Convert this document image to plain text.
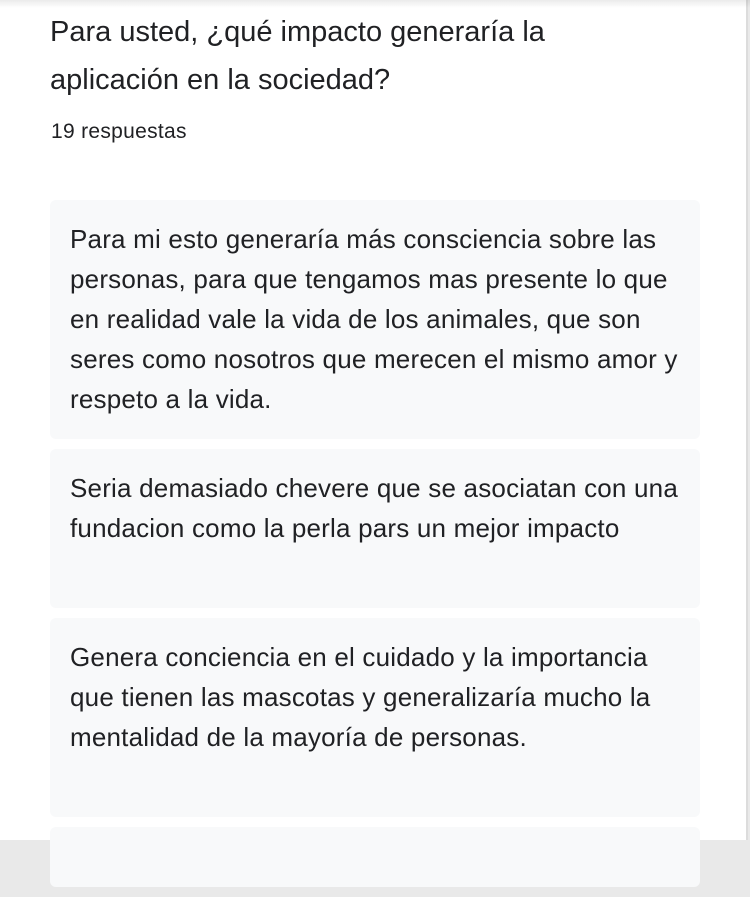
Para usted, ¿qué impacto generaría la
aplicación en la sociedad?
19 respuestas
Para mi esto generaría más consciencia sobre las personas, para que tengamos mas presente lo que en realidad vale la vida de los animales, que son seres como nosotros que merecen el mismo amor y respeto a la vida.
Seria demasiado chevere que se asociatan con una fundacion como la perla pars un mejor impacto
Genera conciencia en el cuidado y la importancia que tienen las mascotas y generalizaría mucho la mentalidad de la mayoría de personas.
